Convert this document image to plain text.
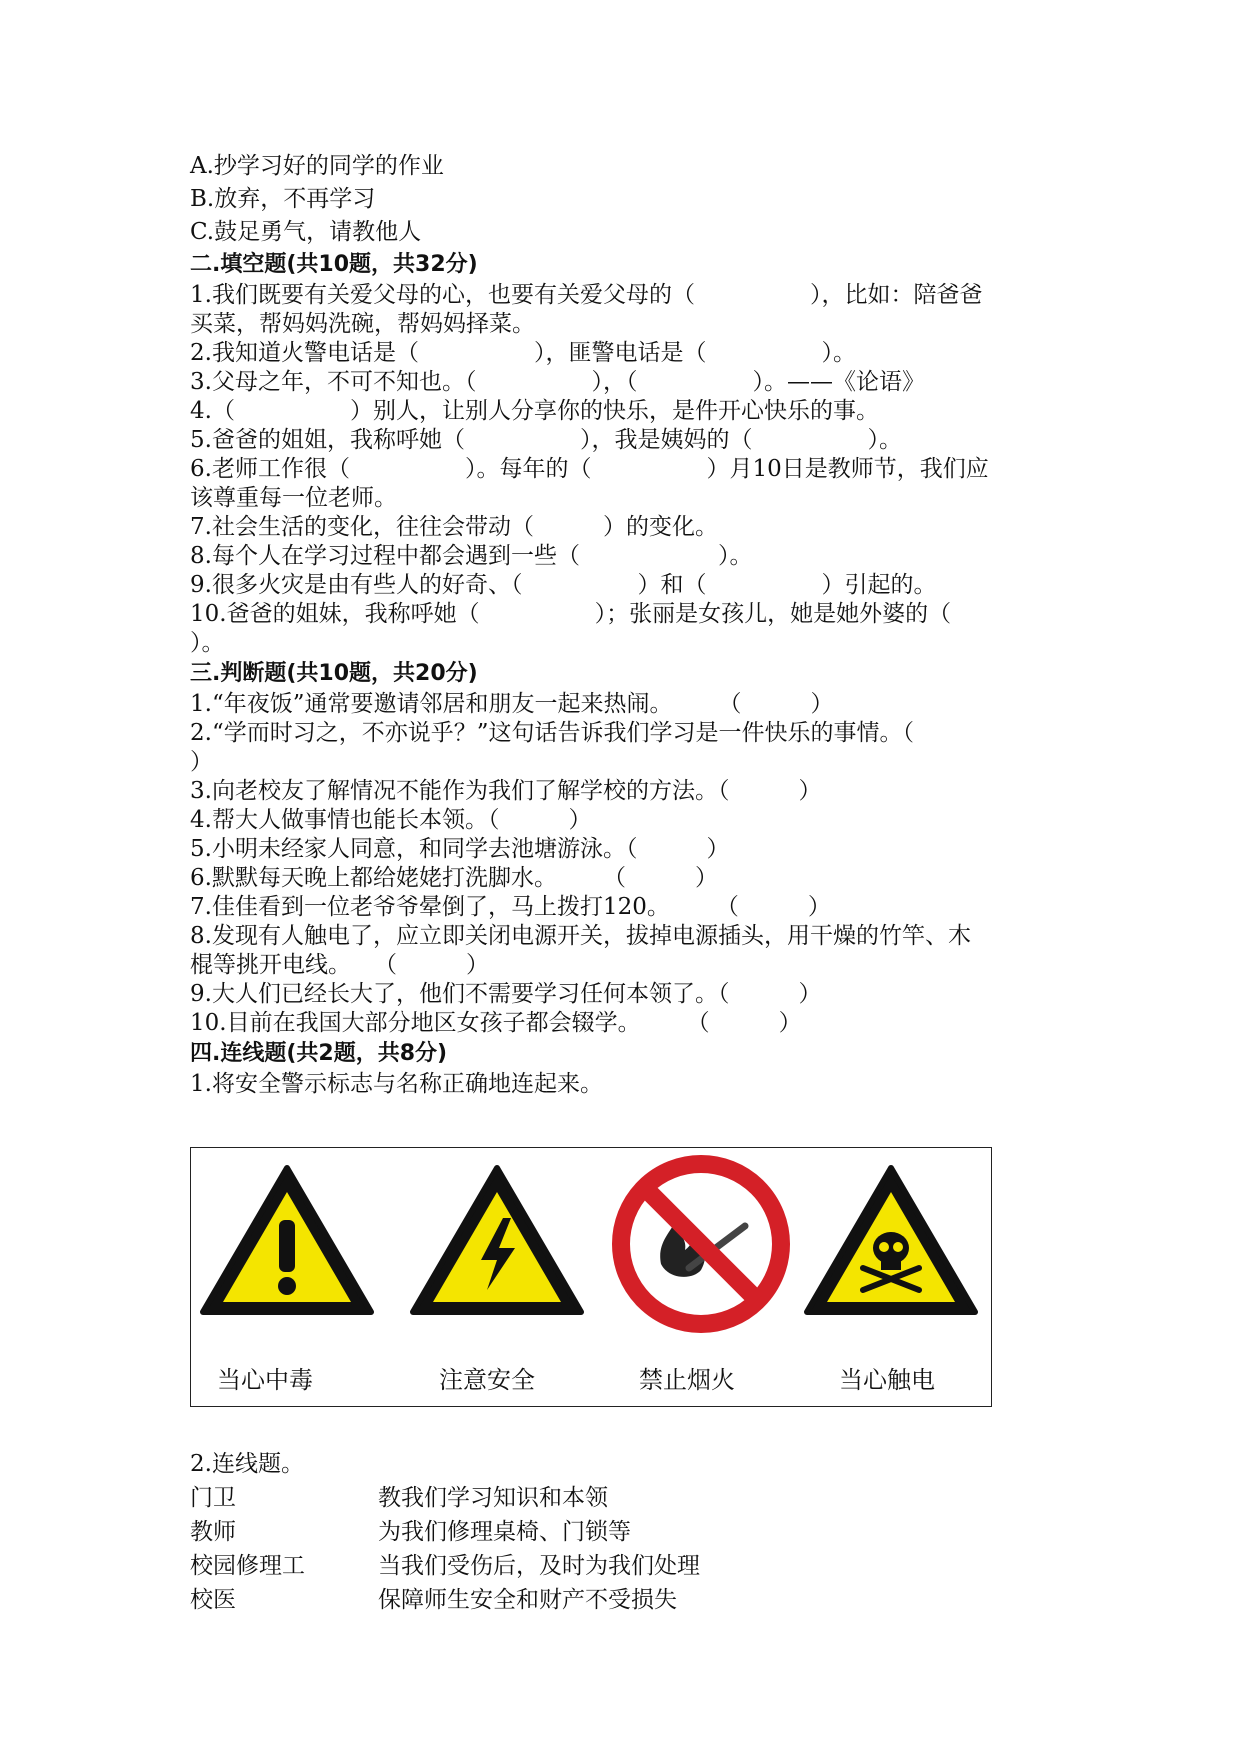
A.抄学习好的同学的作业

B.放弃，不再学习

C.鼓足勇气，请教他人

二.填空题(共10题，共32分)

1.我们既要有关爱父母的心，也要有关爱父母的（　　　　　），比如：陪爸爸

买菜，帮妈妈洗碗，帮妈妈择菜。

2.我知道火警电话是（　　　　　），匪警电话是（　　　　　）。

3.父母之年，不可不知也。（　　　　　），（　　　　　）。——《论语》

4.（　　　　　）别人，让别人分享你的快乐，是件开心快乐的事。

5.爸爸的姐姐，我称呼她（　　　　　），我是姨妈的（　　　　　）。

6.老师工作很（　　　　　）。每年的（　　　　　）月10日是教师节，我们应

该尊重每一位老师。

7.社会生活的变化，往往会带动（　　　）的变化。

8.每个人在学习过程中都会遇到一些（　　　　　　）。

9.很多火灾是由有些人的好奇、（　　　　　）和（　　　　　）引起的。

10.爸爸的姐妹，我称呼她（　　　　　）；张丽是女孩儿，她是她外婆的（

）。

三.判断题(共10题，共20分)

1.“年夜饭”通常要邀请邻居和朋友一起来热闹。　　　（　　　）

2.“学而时习之，不亦说乎？”这句话告诉我们学习是一件快乐的事情。（

）

3.向老校友了解情况不能作为我们了解学校的方法。（　　　）

4.帮大人做事情也能长本领。（　　　）

5.小明未经家人同意，和同学去池塘游泳。（　　　）

6.默默每天晚上都给姥姥打洗脚水。　　　（　　　）

7.佳佳看到一位老爷爷晕倒了，马上拨打120。　　　（　　　）

8.发现有人触电了，应立即关闭电源开关，拔掉电源插头，用干燥的竹竿、木

棍等挑开电线。　　（　　　）

9.大人们已经长大了，他们不需要学习任何本领了。（　　　）

10.目前在我国大部分地区女孩子都会辍学。　　　（　　　）

四.连线题(共2题，共8分)

1.将安全警示标志与名称正确地连起来。

当心中毒	注意安全	禁止烟火	当心触电

2.连线题。

门卫	教我们学习知识和本领
教师	为我们修理桌椅、门锁等
校园修理工	当我们受伤后，及时为我们处理
校医	保障师生安全和财产不受损失
